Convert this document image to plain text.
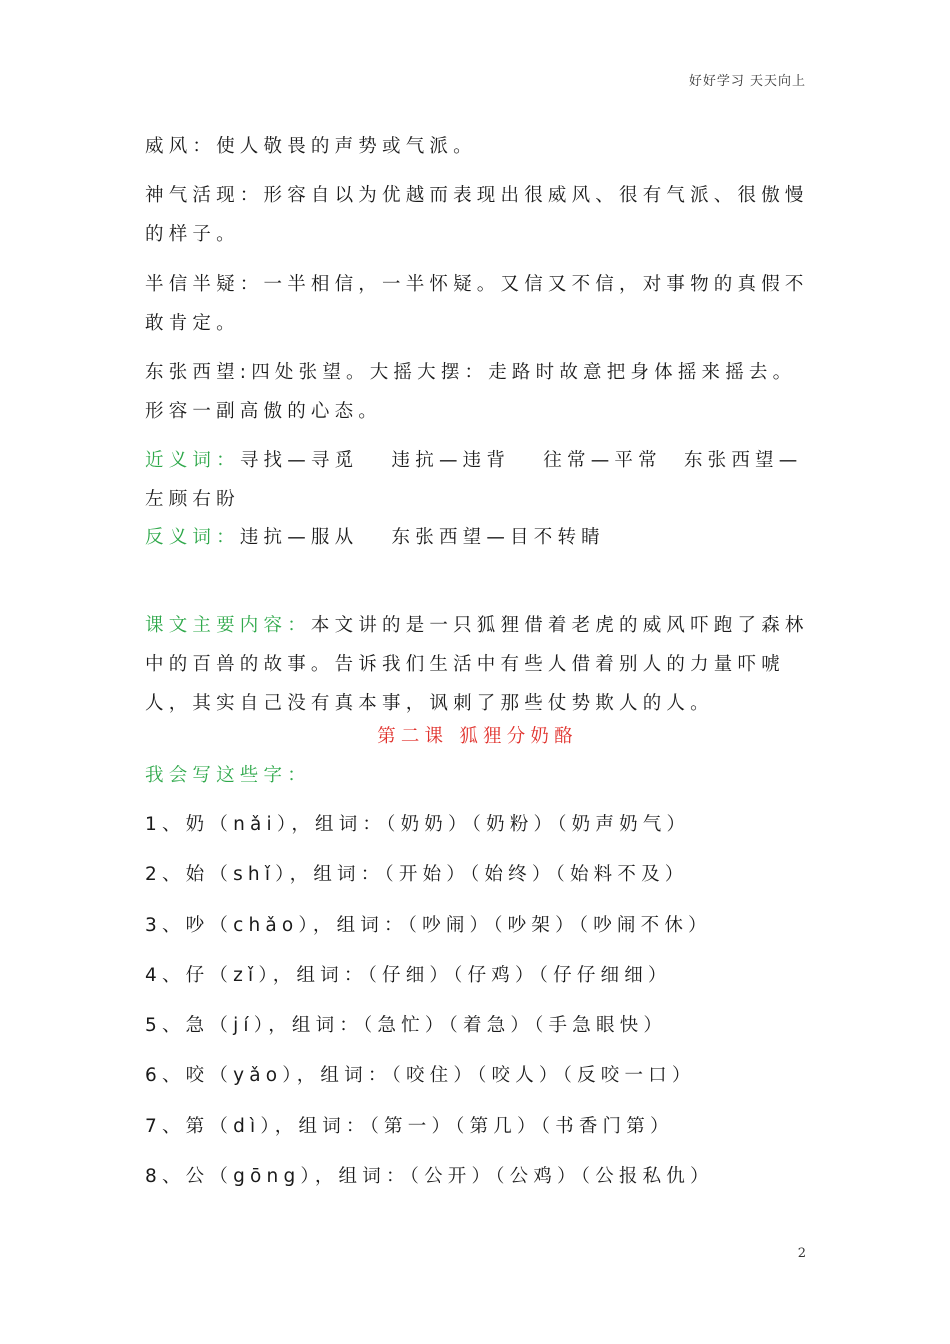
好好学习 天天向上
威风：使人敬畏的声势或气派。
神气活现：形容自以为优越而表现出很威风、很有气派、很傲慢的样子。
半信半疑：一半相信，一半怀疑。又信又不信，对事物的真假不敢肯定。
东张西望:四处张望。大摇大摆：走路时故意把身体摇来摇去。形容一副高傲的心态。
近义词：寻找—寻觅   违抗—违背   往常—平常  东张西望—左顾右盼
反义词：违抗—服从   东张西望—目不转睛
课文主要内容：本文讲的是一只狐狸借着老虎的威风吓跑了森林中的百兽的故事。告诉我们生活中有些人借着别人的力量吓唬人，其实自己没有真本事，讽刺了那些仗势欺人的人。
第二课 狐狸分奶酪
我会写这些字：
1、奶（nǎi），组词：（奶奶）（奶粉）（奶声奶气）
2、始（shǐ），组词：（开始）（始终）（始料不及）
3、吵（chǎo），组词：（吵闹）（吵架）（吵闹不休）
4、仔（zǐ），组词：（仔细）（仔鸡）（仔仔细细）
5、急（jí），组词：（急忙）（着急）（手急眼快）
6、咬（yǎo），组词：（咬住）（咬人）（反咬一口）
7、第（dì），组词：（第一）（第几）（书香门第）
8、公（gōng），组词：（公开）（公鸡）（公报私仇）
2
